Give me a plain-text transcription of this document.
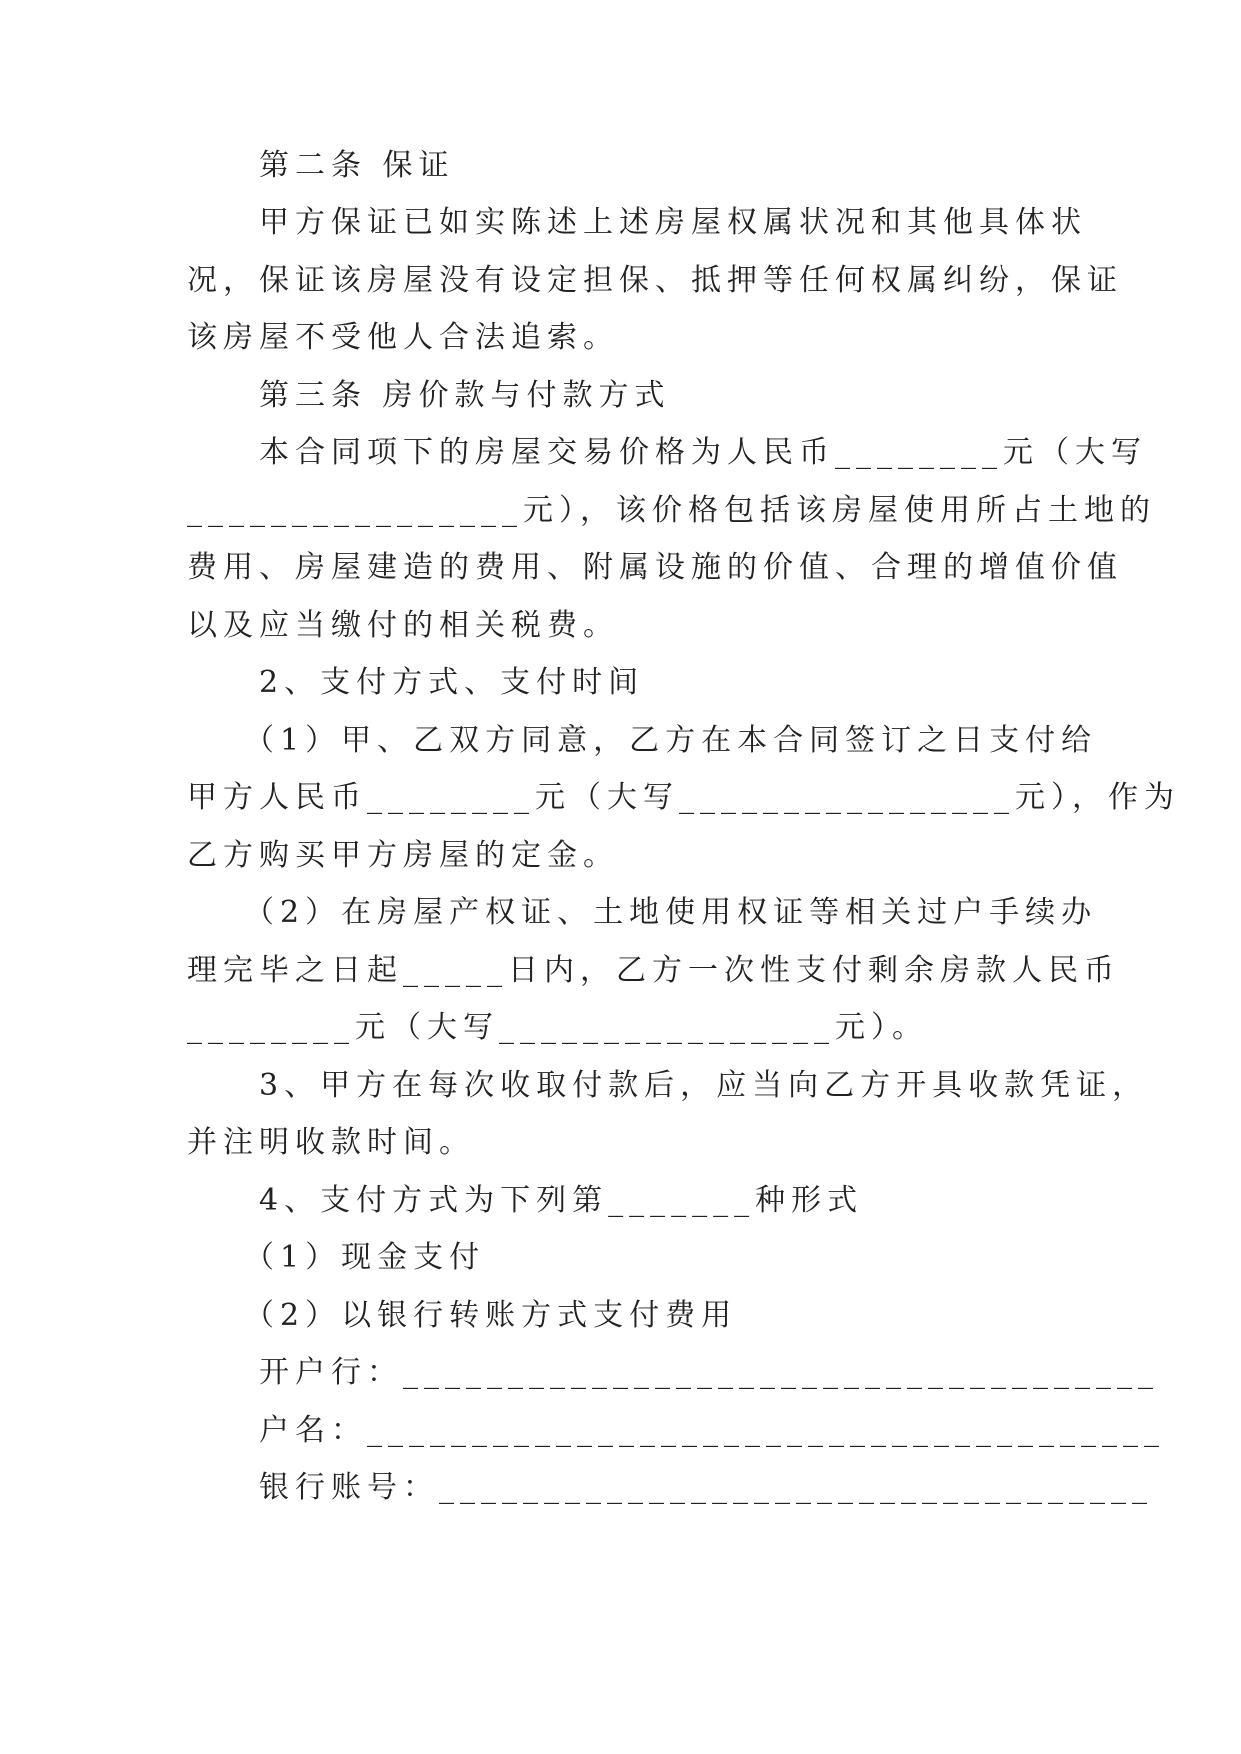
　　第二条 保证
　　甲方保证已如实陈述上述房屋权属状况和其他具体状
况，保证该房屋没有设定担保、抵押等任何权属纠纷，保证
该房屋不受他人合法追索。
　　第三条 房价款与付款方式
　　本合同项下的房屋交易价格为人民币________元（大写
________________元），该价格包括该房屋使用所占土地的
费用、房屋建造的费用、附属设施的价值、合理的增值价值
以及应当缴付的相关税费。
　　2、支付方式、支付时间
　　（1）甲、乙双方同意，乙方在本合同签订之日支付给
甲方人民币________元（大写________________元），作为
乙方购买甲方房屋的定金。
　　（2）在房屋产权证、土地使用权证等相关过户手续办
理完毕之日起_____日内，乙方一次性支付剩余房款人民币
________元（大写________________元）。
　　3、甲方在每次收取付款后，应当向乙方开具收款凭证，
并注明收款时间。
　　4、支付方式为下列第_______种形式
　　（1）现金支付
　　（2）以银行转账方式支付费用
　　开户行：____________________________________
　　户名：______________________________________
　　银行账号：__________________________________
